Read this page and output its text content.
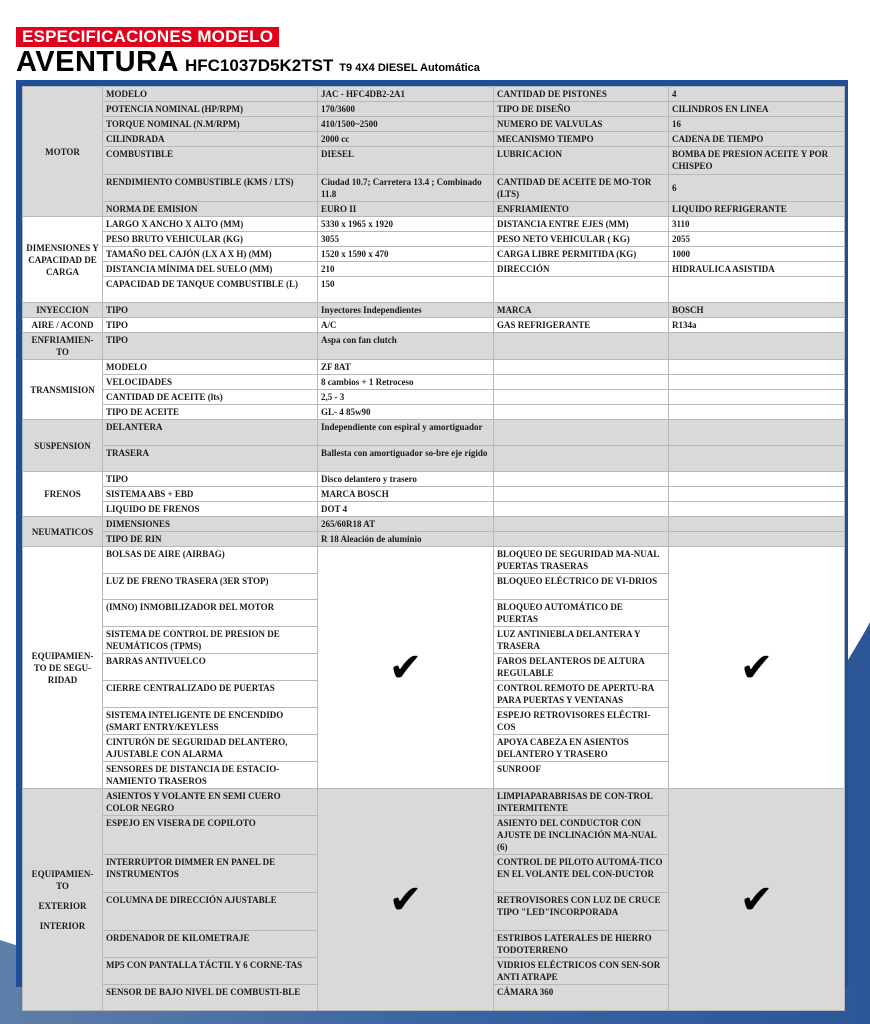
ESPECIFICACIONES MODELO
AVENTURA HFC1037D5K2TST T9 4X4 DIESEL Automática
MOTOR	MODELO	JAC - HFC4DB2-2A1	CANTIDAD DE PISTONES	4
	POTENCIA NOMINAL (HP/RPM)	170/3600	TIPO DE DISEÑO	CILINDROS EN LINEA
	TORQUE NOMINAL (N.M/RPM)	410/1500~2500	NUMERO DE VALVULAS	16
	CILINDRADA	2000 cc	MECANISMO TIEMPO	CADENA DE TIEMPO
	COMBUSTIBLE	DIESEL	LUBRICACION	BOMBA DE PRESION ACEITE Y POR CHISPEO
	RENDIMIENTO COMBUSTIBLE (KMS / LTS)	Ciudad 10.7; Carretera 13.4 ; Combinado 11.8	CANTIDAD DE ACEITE DE MO-TOR (LTS)	6
	NORMA DE EMISION	EURO II	ENFRIAMIENTO	LIQUIDO REFRIGERANTE
DIMENSIONES Y CAPACIDAD DE CARGA	LARGO X ANCHO X ALTO (MM)	5330 x 1965 x 1920	DISTANCIA ENTRE EJES (MM)	3110
	PESO BRUTO VEHICULAR (KG)	3055	PESO NETO VEHICULAR ( KG)	2055
	TAMAÑO DEL CAJÓN (LX A X H) (MM)	1520 x 1590 x 470	CARGA LIBRE PERMITIDA (KG)	1000
	DISTANCIA MÍNIMA DEL SUELO (MM)	210	DIRECCIÓN	HIDRAULICA ASISTIDA
	CAPACIDAD DE TANQUE COMBUSTIBLE (L)	150		
INYECCION	TIPO	Inyectores Independientes	MARCA	BOSCH
AIRE / ACOND	TIPO	A/C	GAS REFRIGERANTE	R134a
ENFRIAMIEN-TO	TIPO	Aspa con fan clutch		
TRANSMISION	MODELO	ZF 8AT		
	VELOCIDADES	8 cambios + 1 Retroceso		
	CANTIDAD DE ACEITE (lts)	2,5 - 3		
	TIPO DE ACEITE	GL- 4 85w90		
SUSPENSION	DELANTERA	Independiente con espiral y amortiguador		
	TRASERA	Ballesta con amortiguador so-bre eje rígido		
FRENOS	TIPO	Disco delantero y trasero		
	SISTEMA ABS + EBD	MARCA BOSCH		
	LIQUIDO DE FRENOS	DOT 4		
NEUMATICOS	DIMENSIONES	265/60R18 AT		
	TIPO DE RIN	R 18 Aleación de aluminio		
EQUIPAMIEN-TO DE SEGU-RIDAD	BOLSAS DE AIRE (AIRBAG)	✔	BLOQUEO DE SEGURIDAD MA-NUAL PUERTAS TRASERAS	✔
	LUZ DE FRENO TRASERA (3ER STOP)		BLOQUEO ELÉCTRICO DE VI-DRIOS	
	(IMNO) INMOBILIZADOR DEL MOTOR		BLOQUEO AUTOMÁTICO DE PUERTAS	
	SISTEMA DE CONTROL DE PRESION DE NEUMÁTICOS (TPMS)		LUZ ANTINIEBLA DELANTERA Y TRASERA	
	BARRAS ANTIVUELCO		FAROS DELANTEROS DE ALTURA REGULABLE	
	CIERRE CENTRALIZADO DE PUERTAS		CONTROL REMOTO DE APERTU-RA PARA PUERTAS Y VENTANAS	
	SISTEMA INTELIGENTE DE ENCENDIDO (SMART ENTRY/KEYLESS		ESPEJO RETROVISORES ELÉCTRI-COS	
	CINTURÓN DE SEGURIDAD DELANTERO, AJUSTABLE CON ALARMA		APOYA CABEZA EN ASIENTOS DELANTERO Y TRASERO	
	SENSORES DE DISTANCIA DE ESTACIO-NAMIENTO TRASEROS		SUNROOF	

EQUIPAMIEN-TO
EXTERIOR
INTERIOR	ASIENTOS Y VOLANTE EN SEMI CUERO COLOR NEGRO	✔	LIMPIAPARABRISAS DE CON-TROL INTERMITENTE	✔
	ESPEJO EN VISERA DE COPILOTO		ASIENTO DEL CONDUCTOR CON AJUSTE DE INCLINACIÓN MA-NUAL (6)	
	INTERRUPTOR DIMMER EN PANEL DE INSTRUMENTOS		CONTROL DE PILOTO AUTOMÁ-TICO EN EL VOLANTE DEL CON-DUCTOR	
	COLUMNA DE DIRECCIÓN AJUSTABLE		RETROVISORES CON LUZ DE CRUCE TIPO "LED"INCORPORADA	
	ORDENADOR DE KILOMETRAJE		ESTRIBOS LATERALES DE HIERRO TODOTERRENO	
	MP5 CON PANTALLA TÁCTIL Y 6 CORNE-TAS		VIDRIOS ELÉCTRICOS CON SEN-SOR ANTI ATRAPE	
	SENSOR DE BAJO NIVEL DE COMBUSTI-BLE		CÁMARA 360	
